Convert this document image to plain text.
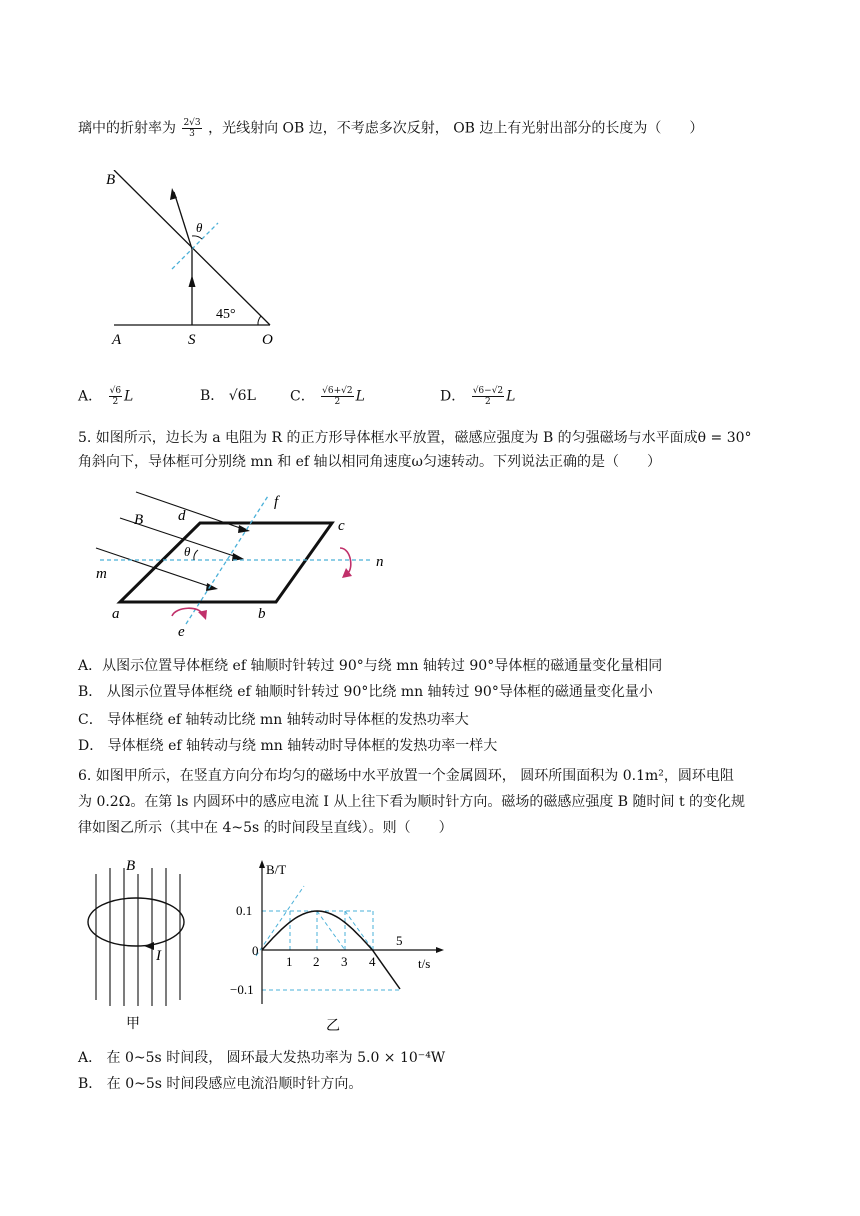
璃中的折射率为 $\frac{2√3}{3}$ ，光线射向 OB 边，不考虑多次反射， OB 边上有光射出部分的长度为（　　）
B
θ
45°
A	S	O
A． $\frac{√6}{2}$ L	B． √6L C． $\frac{√6+√2}{2}$ L	D． $\frac{√6-√2}{2}$ L
5. 如图所示，边长为 a 电阻为 R 的正方形导体框水平放置，磁感应强度为 B 的匀强磁场与水平面成θ = 30°
角斜向下，导体框可分别绕 mn 和 ef 轴以相同角速度ω匀速转动。下列说法正确的是（　　）
B d
f
c
θ
m
n
a	b
e
A．从图示位置导体框绕 ef 轴顺时针转过 90°与绕 mn 轴转过 90°导体框的磁通量变化量相同
B． 从图示位置导体框绕 ef 轴顺时针转过 90°比绕 mn 轴转过 90°导体框的磁通量变化量小
C． 导体框绕 ef 轴转动比绕 mn 轴转动时导体框的发热功率大
D． 导体框绕 ef 轴转动与绕 mn 轴转动时导体框的发热功率一样大
6. 如图甲所示，在竖直方向分布均匀的磁场中水平放置一个金属圆环， 圆环所围面积为 0.1m²，圆环电阻
为 0.2Ω。在第 ls 内圆环中的感应电流 I 从上往下看为顺时针方向。磁场的磁感应强度 B 随时间 t 的变化规
律如图乙所示（其中在 4~5s 的时间段呈直线）。则（　　）
B
I
甲
B/T
t/s
0
0.1
−0.1
1 2 3 4
5
乙
A． 在 0~5s 时间段， 圆环最大发热功率为 5.0 × 10⁻⁴W
B． 在 0~5s 时间段感应电流沿顺时针方向。
